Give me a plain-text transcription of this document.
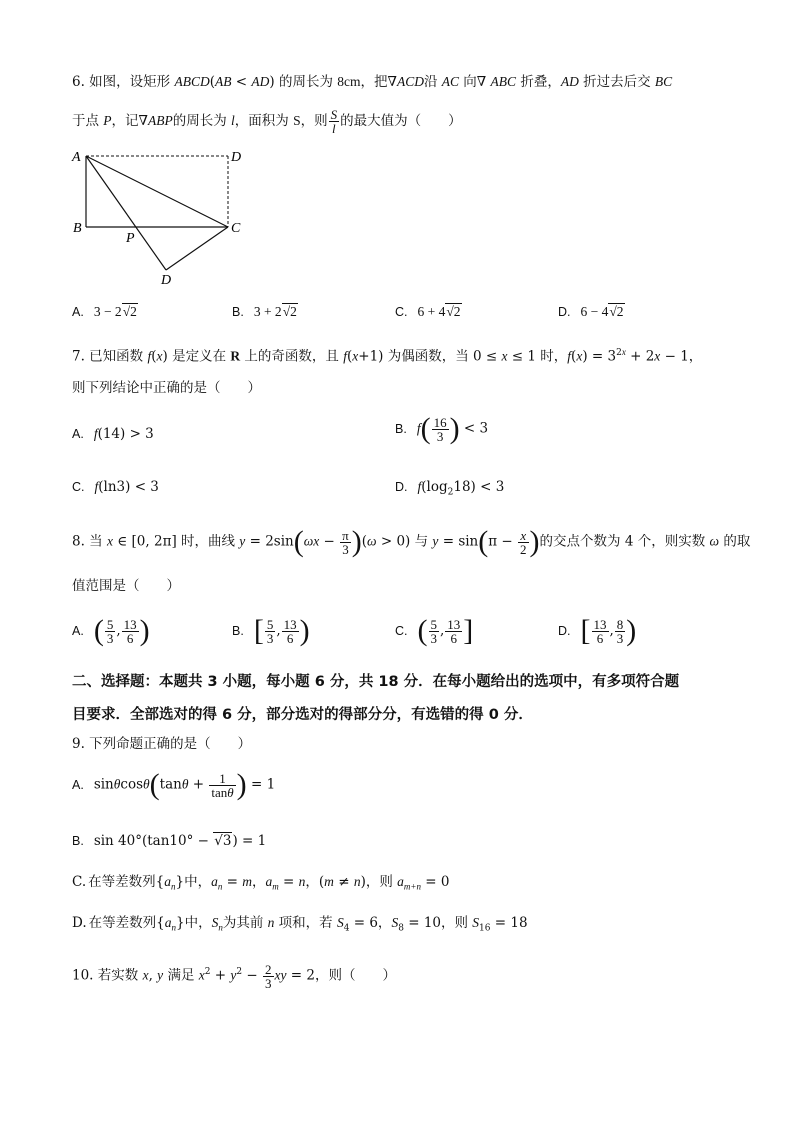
6. 如图，设矩形 ABCD(AB < AD) 的周长为 8cm，把∇ACD沿 AC 向∇ ABC 折叠，AD 折过去后交 BC
于点 P，记∇ABP的周长为 l，面积为 S，则 $\frac{S}{l}$ 的最大值为（　　）
A
B	C
D
P
D
A. 3 − 2√2	B. 3 + 2√2	C. 6 + 4√2	D. 6 − 4√2
7. 已知函数 f(x) 是定义在 R 上的奇函数，且 f(x+1) 为偶函数，当 0 ≤ x ≤ 1 时，$f(x) = 3^{2x} + 2x - 1$，
则下列结论中正确的是（　　）
A. f(14) > 3	B. $f( \frac{16}{3}$ ) < 3
C. f(ln3) < 3	D. $f(\log_218) < 3$
8. 当 x ∈ [0, 2π] 时，曲线 $y = 2\sin(\omega x - \frac{\pi}{3} )(\omega > 0)$ 与 $y = \sin(\pi - \frac{x}{2}$ )的交点个数为 4 个，则实数 ω 的取
值范围是（　　）
A. ( $\frac{5}{3}$ , $\frac{13}{6}$ )	B. [ $\frac{5}{3}$ , $\frac{13}{6}$ )	C. ( $\frac{5}{3}$ , $\frac{13}{6}$ ]	D. [ $\frac{13}{6}$ , $\frac{8}{3}$ )
二、选择题：本题共 3 小题，每小题 6 分，共 18 分．在每小题给出的选项中，有多项符合题
目要求．全部选对的得 6 分，部分选对的得部分分，有选错的得 0 分．
9. 下列命题正确的是（　　）
A. $\sin\theta\cos\theta(\tan\theta + \frac{1}{\tan\theta}$ ) = 1
B. sin 40°(tan10° − √3) = 1
C. 在等差数列$\{a_n\}$中，$a_n = m$，$a_m = n$，(m ≠ n)，则 $a_{m+n} = 0$
D. 在等差数列$\{a_n\}$中，$S_n$为其前 n 项和，若 $S_4 = 6$，$S_8 = 10$，则 $S_{16} = 18$
10. 若实数 x, y 满足 $x^2 + y^2 - \frac{2}{3}$ xy = 2，则（　　）
